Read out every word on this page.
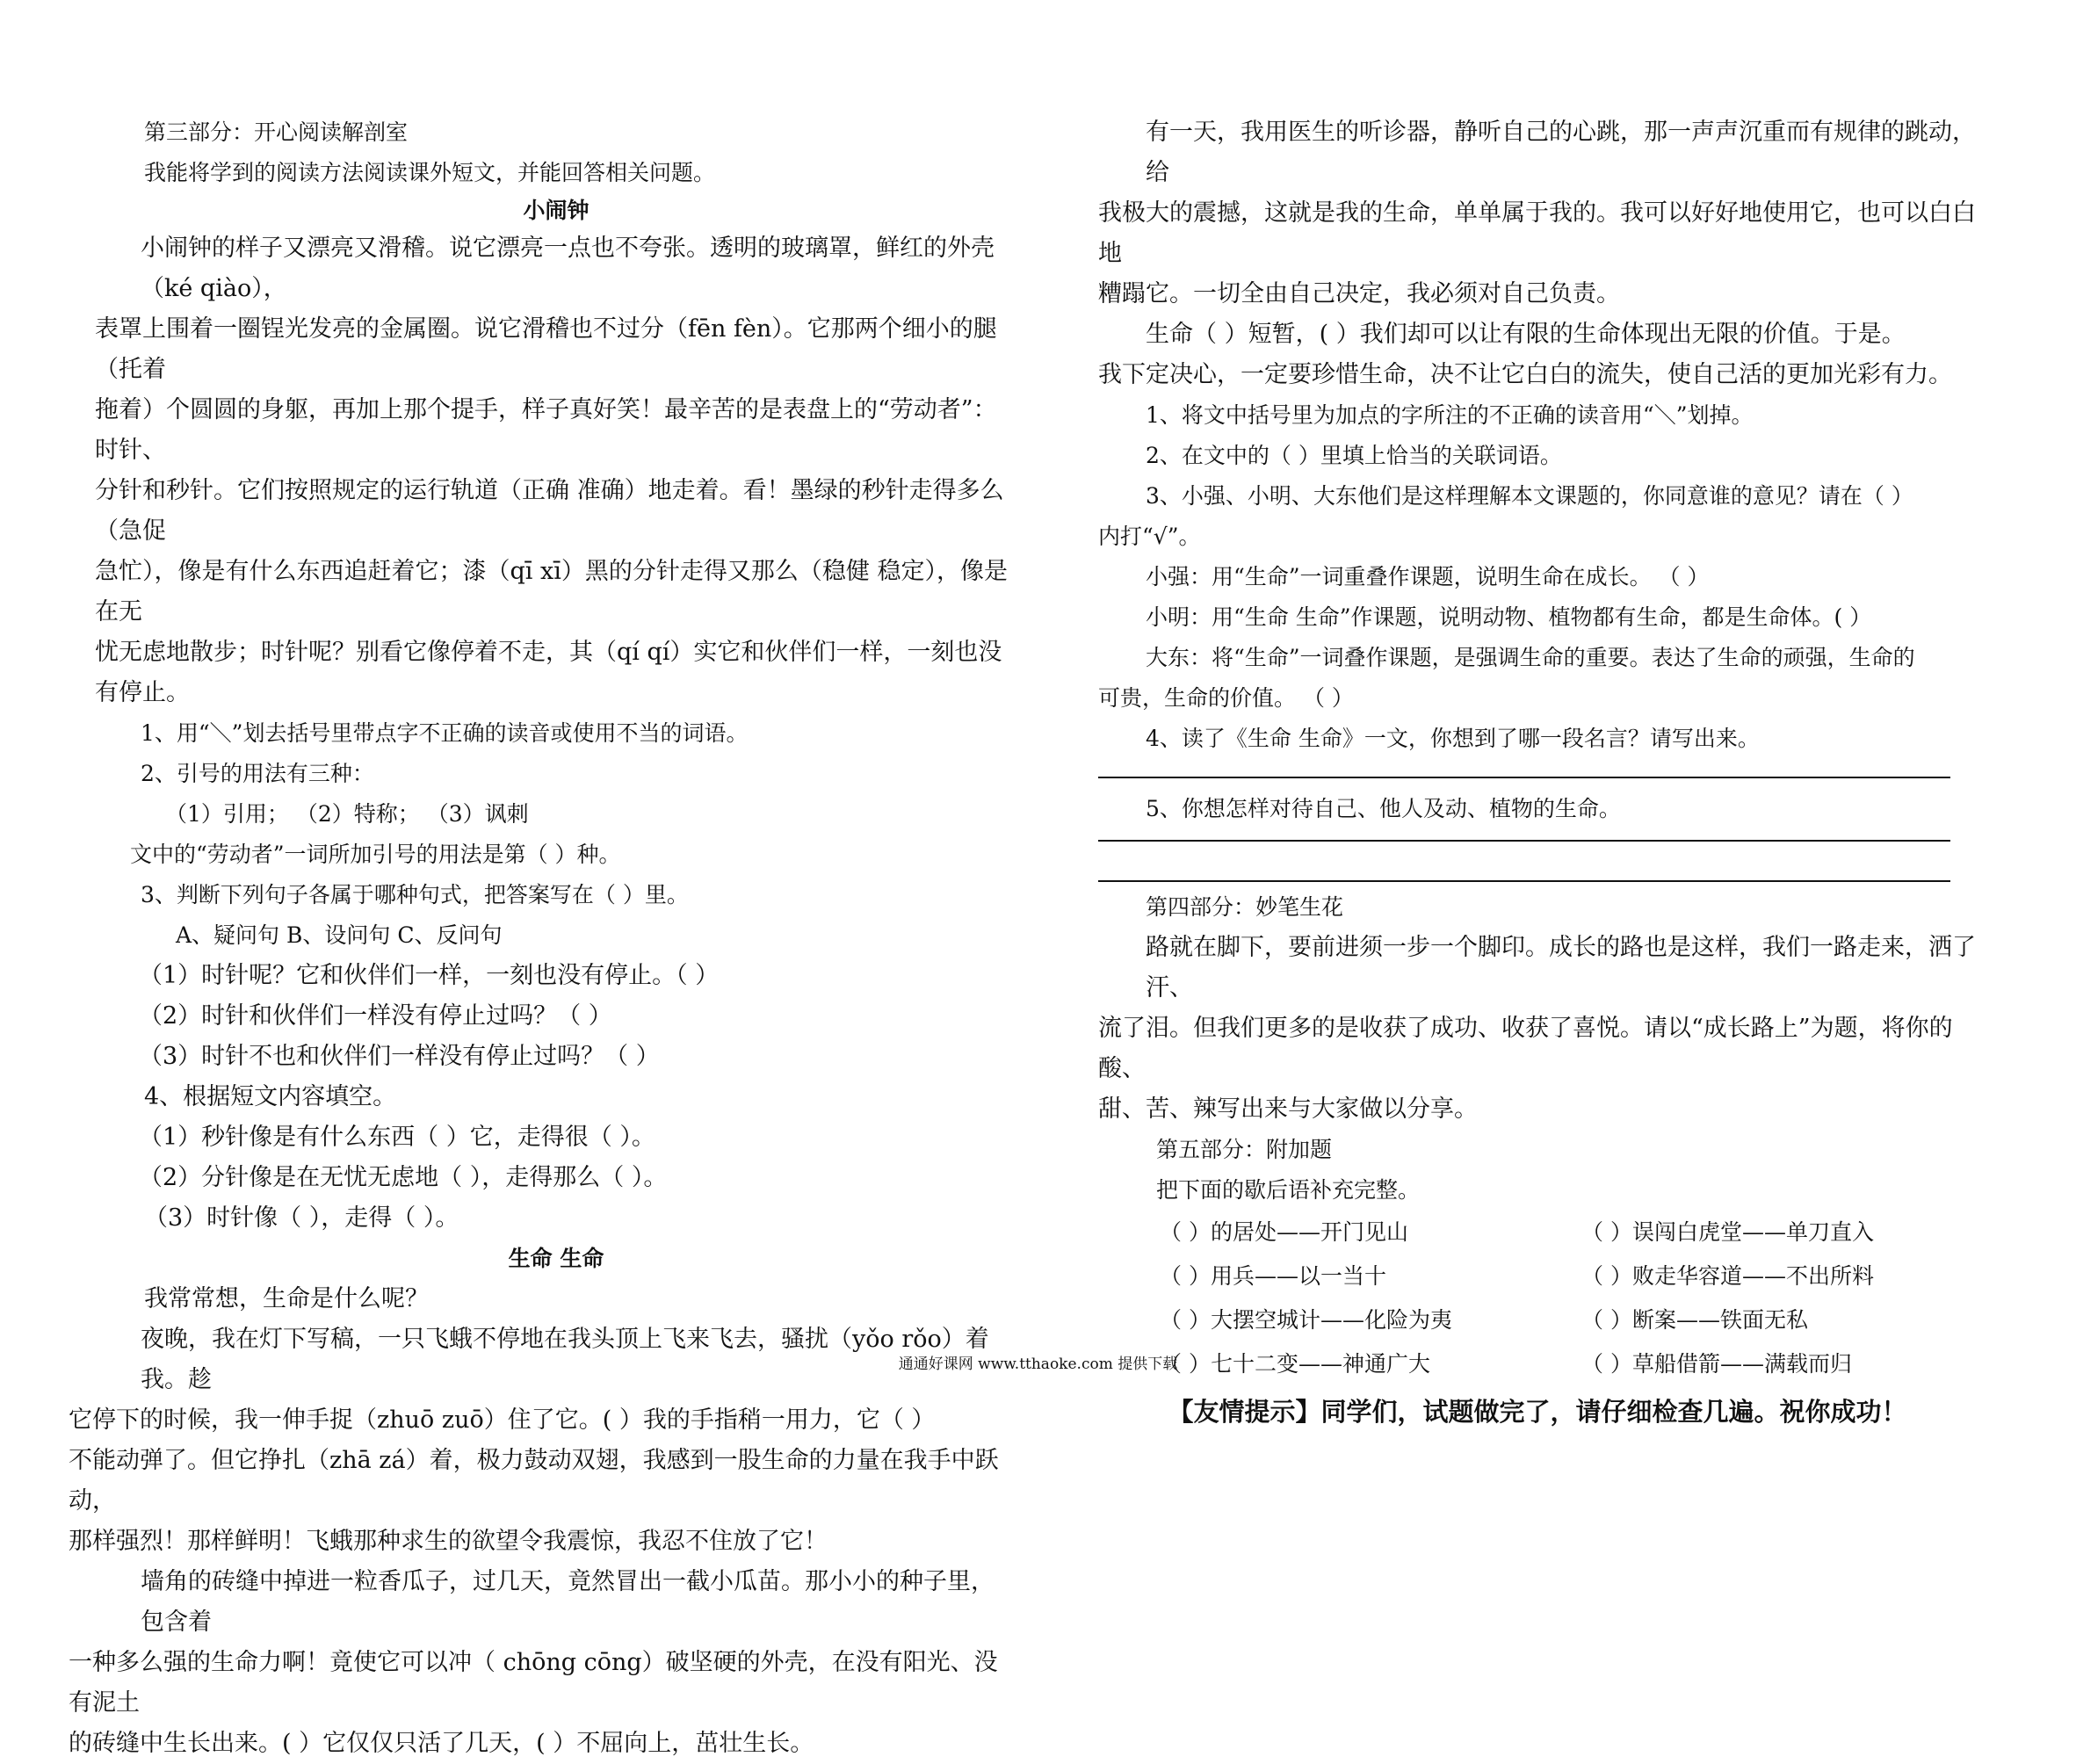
第三部分：开心阅读解剖室
我能将学到的阅读方法阅读课外短文，并能回答相关问题。
小闹钟
小闹钟的样子又漂亮又滑稽。说它漂亮一点也不夸张。透明的玻璃罩，鲜红的外壳（ké qiào），
表罩上围着一圈锃光发亮的金属圈。说它滑稽也不过分（fēn fèn）。它那两个细小的腿（托着
拖着）个圆圆的身躯，再加上那个提手，样子真好笑！最辛苦的是表盘上的“劳动者”：时针、
分针和秒针。它们按照规定的运行轨道（正确 准确）地走着。看！墨绿的秒针走得多么（急促
急忙），像是有什么东西追赶着它；漆（qī xī）黑的分针走得又那么（稳健 稳定），像是在无
忧无虑地散步；时针呢？别看它像停着不走，其（qí qí）实它和伙伴们一样，一刻也没有停止。
1、用“＼”划去括号里带点字不正确的读音或使用不当的词语。
2、引号的用法有三种：
（1）引用； （2）特称； （3）讽刺
文中的“劳动者”一词所加引号的用法是第（ ）种。
3、判断下列句子各属于哪种句式，把答案写在（ ）里。
A、疑问句 B、设问句 C、反问句
（1）时针呢？它和伙伴们一样，一刻也没有停止。（ ）
（2）时针和伙伴们一样没有停止过吗？（ ）
（3）时针不也和伙伴们一样没有停止过吗？（ ）
4、根据短文内容填空。
（1）秒针像是有什么东西（ ）它，走得很（ ）。
（2）分针像是在无忧无虑地（ ），走得那么（ ）。
（3）时针像（ ），走得（ ）。
生命 生命
我常常想，生命是什么呢？
夜晚，我在灯下写稿，一只飞蛾不停地在我头顶上飞来飞去，骚扰（yǒo rǒo）着我。趁
它停下的时候，我一伸手捉（zhuō zuō）住了它。( ）我的手指稍一用力，它（ ）
不能动弹了。但它挣扎（zhā zá）着，极力鼓动双翅，我感到一股生命的力量在我手中跃动，
那样强烈！那样鲜明！飞蛾那种求生的欲望令我震惊，我忍不住放了它！
墙角的砖缝中掉进一粒香瓜子，过几天，竟然冒出一截小瓜苗。那小小的种子里，包含着
一种多么强的生命力啊！竟使它可以冲（ chōng cōng）破坚硬的外壳，在没有阳光、没有泥土
的砖缝中生长出来。( ）它仅仅只活了几天，( ）不屈向上，茁壮生长。
有一天，我用医生的听诊器，静听自己的心跳，那一声声沉重而有规律的跳动，给
我极大的震撼，这就是我的生命，单单属于我的。我可以好好地使用它，也可以白白地
糟蹋它。一切全由自己决定，我必须对自己负责。
生命（ ）短暂，( ）我们却可以让有限的生命体现出无限的价值。于是。
我下定决心，一定要珍惜生命，决不让它白白的流失，使自己活的更加光彩有力。
1、将文中括号里为加点的字所注的不正确的读音用“＼”划掉。
2、在文中的（ ）里填上恰当的关联词语。
3、小强、小明、大东他们是这样理解本文课题的，你同意谁的意见？请在（ ）
内打“√”。
小强：用“生命”一词重叠作课题，说明生命在成长。 （ ）
小明：用“生命 生命”作课题，说明动物、植物都有生命，都是生命体。( ）
大东：将“生命”一词叠作课题，是强调生命的重要。表达了生命的顽强，生命的
可贵，生命的价值。 （ ）
4、读了《生命 生命》一文，你想到了哪一段名言？请写出来。
5、你想怎样对待自己、他人及动、植物的生命。
第四部分：妙笔生花
路就在脚下，要前进须一步一个脚印。成长的路也是这样，我们一路走来，洒了汗、
流了泪。但我们更多的是收获了成功、收获了喜悦。请以“成长路上”为题，将你的酸、
甜、苦、辣写出来与大家做以分享。
第五部分：附加题
把下面的歇后语补充完整。
（ ）的居处——开门见山	（ ）误闯白虎堂——单刀直入
（ ）用兵——以一当十	（ ）败走华容道——不出所料
（ ）大摆空城计——化险为夷	（ ）断案——铁面无私
（ ）七十二变——神通广大	（ ）草船借箭——满载而归
【友情提示】同学们，试题做完了，请仔细检查几遍。祝你成功！
通通好课网 www.tthaoke.com 提供下载
